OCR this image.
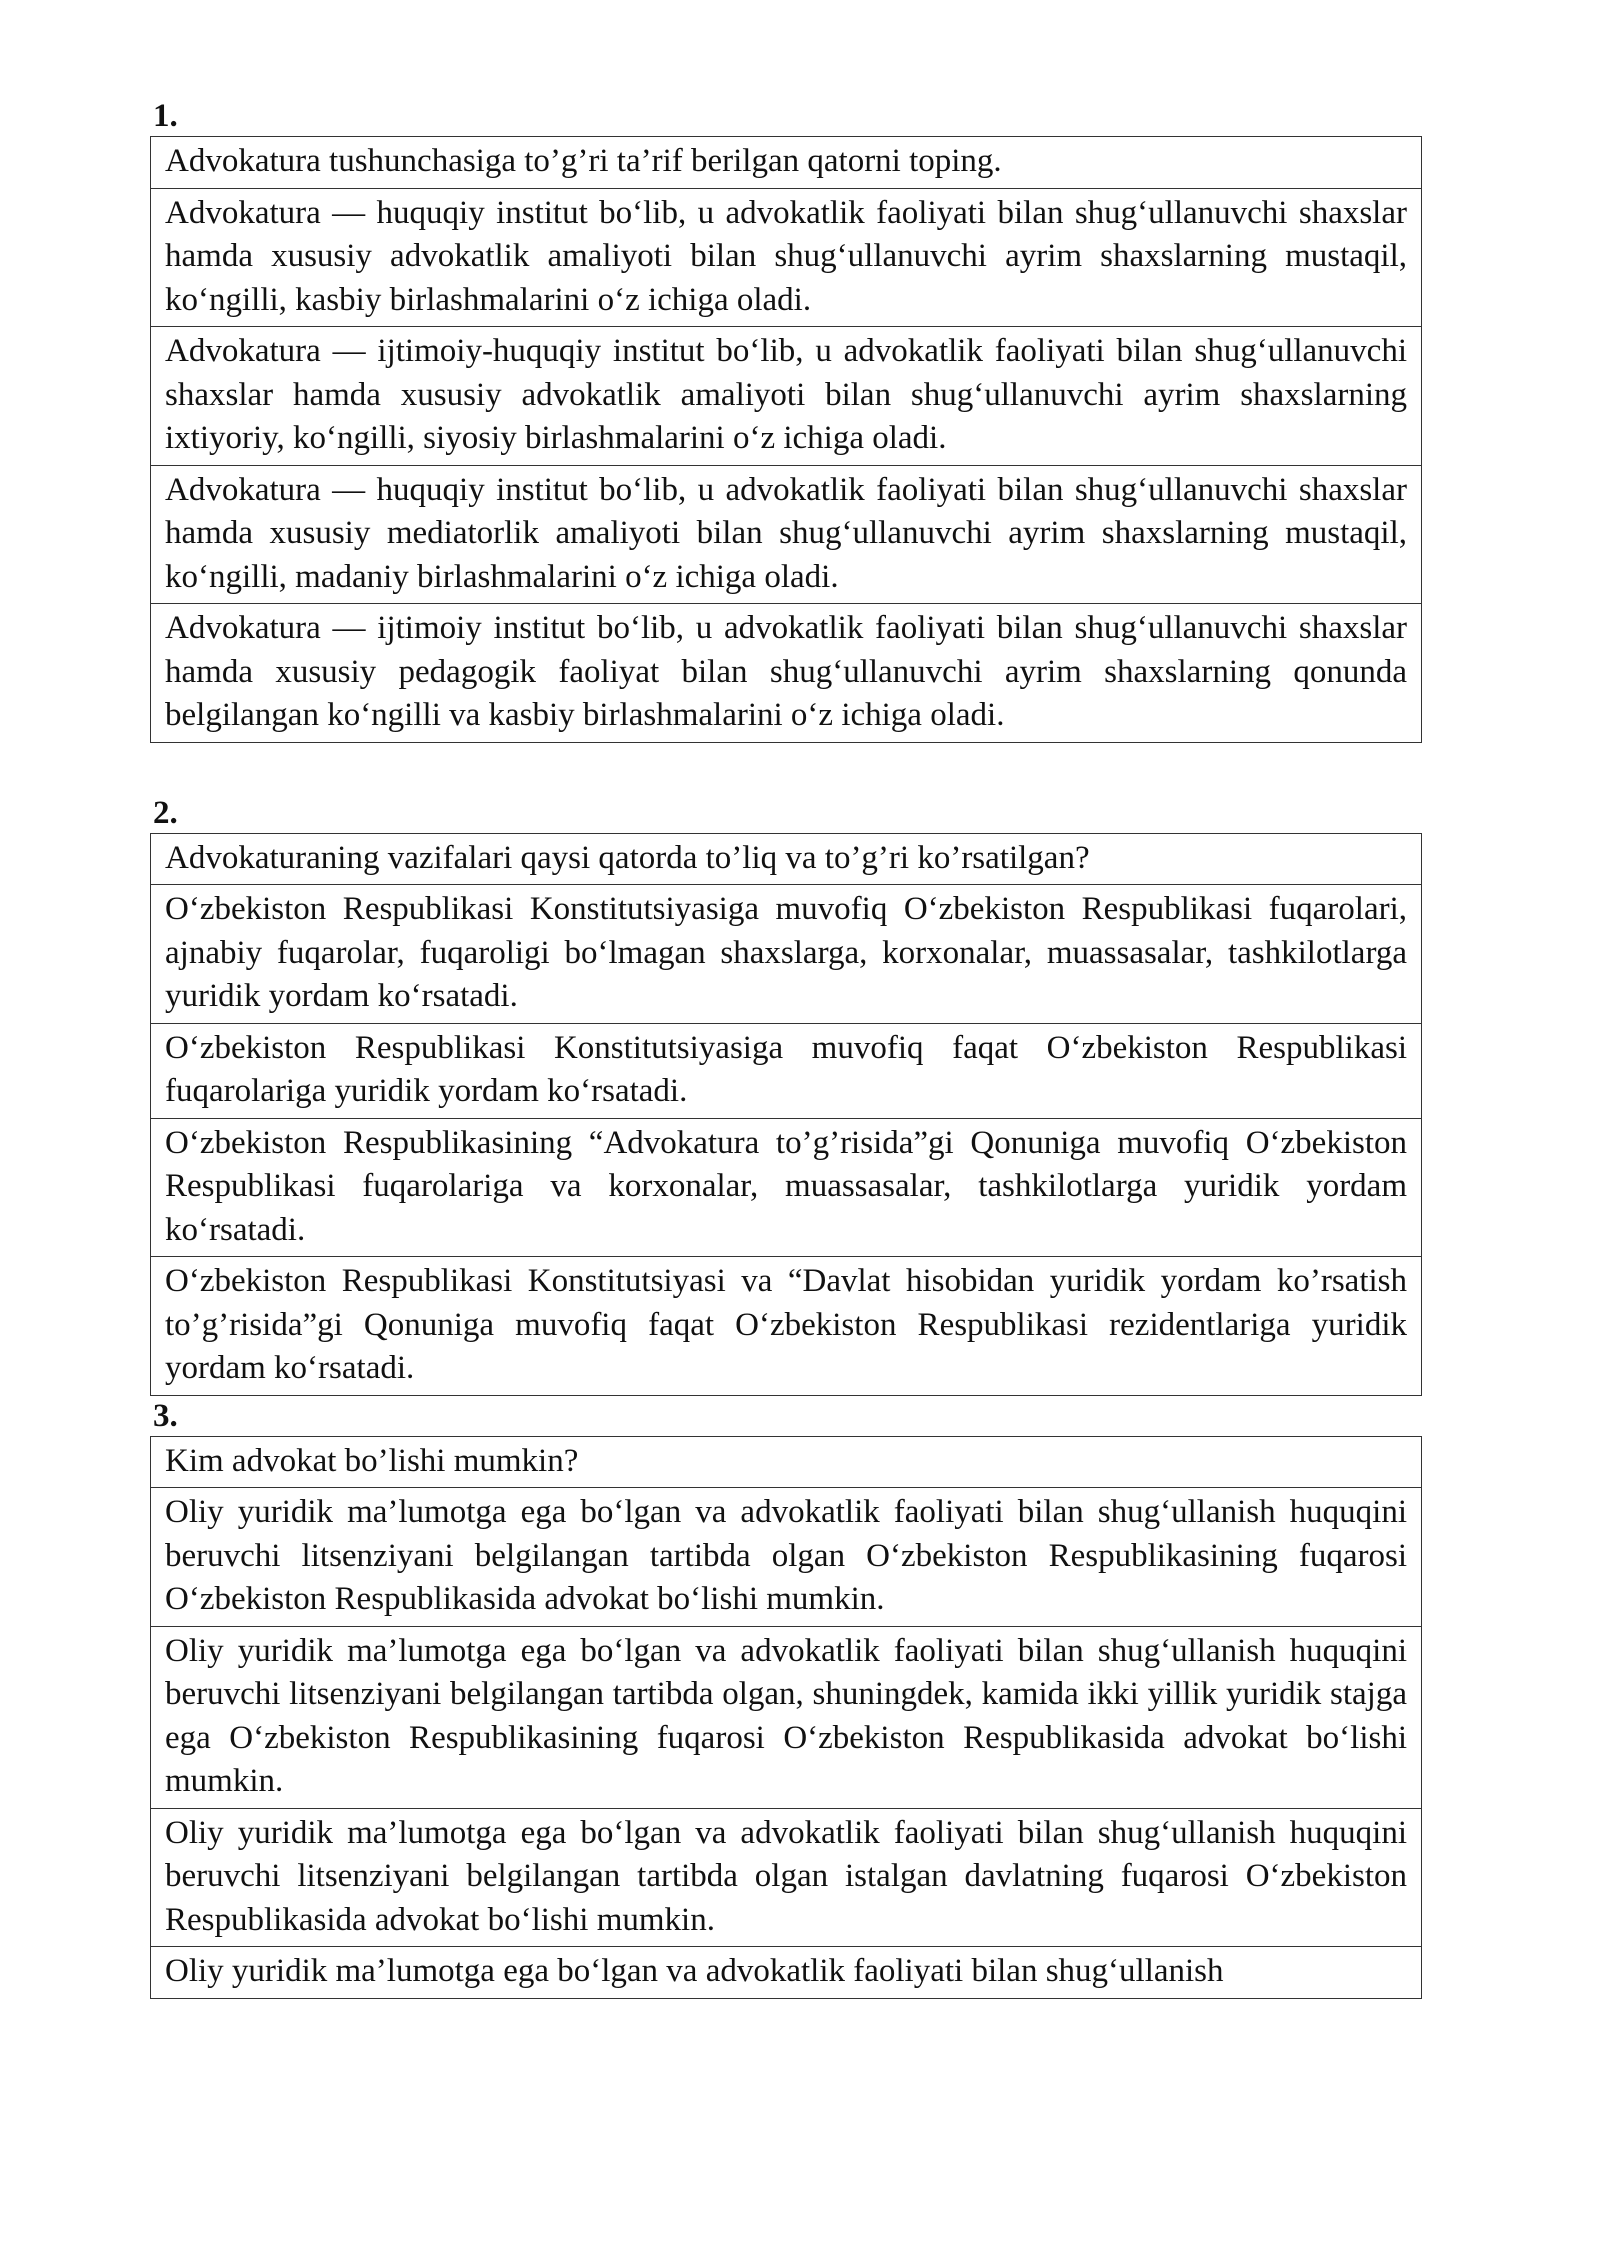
1.
Advokatura tushunchasiga to’g’ri ta’rif berilgan qatorni toping.
Advokatura — huquqiy institut bo‘lib, u advokatlik faoliyati bilan shug‘ullanuvchi shaxslar hamda xususiy advokatlik amaliyoti bilan shug‘ullanuvchi ayrim shaxslarning mustaqil, ko‘ngilli, kasbiy birlashmalarini o‘z ichiga oladi.
Advokatura — ijtimoiy-huquqiy institut bo‘lib, u advokatlik faoliyati bilan shug‘ullanuvchi shaxslar hamda xususiy advokatlik amaliyoti bilan shug‘ullanuvchi ayrim shaxslarning ixtiyoriy, ko‘ngilli, siyosiy birlashmalarini o‘z ichiga oladi.
Advokatura — huquqiy institut bo‘lib, u advokatlik faoliyati bilan shug‘ullanuvchi shaxslar hamda xususiy mediatorlik amaliyoti bilan shug‘ullanuvchi ayrim shaxslarning mustaqil, ko‘ngilli, madaniy birlashmalarini o‘z ichiga oladi.
Advokatura — ijtimoiy institut bo‘lib, u advokatlik faoliyati bilan shug‘ullanuvchi shaxslar hamda xususiy pedagogik faoliyat bilan shug‘ullanuvchi ayrim shaxslarning qonunda belgilangan ko‘ngilli va kasbiy birlashmalarini o‘z ichiga oladi.
2.
Advokaturaning vazifalari qaysi qatorda to’liq va to’g’ri ko’rsatilgan?
O‘zbekiston Respublikasi Konstitutsiyasiga muvofiq O‘zbekiston Respublikasi fuqarolari, ajnabiy fuqarolar, fuqaroligi bo‘lmagan shaxslarga, korxonalar, muassasalar, tashkilotlarga yuridik yordam ko‘rsatadi.
O‘zbekiston Respublikasi Konstitutsiyasiga muvofiq faqat O‘zbekiston Respublikasi fuqarolariga yuridik yordam ko‘rsatadi.
O‘zbekiston Respublikasining “Advokatura to’g’risida”gi Qonuniga muvofiq O‘zbekiston Respublikasi fuqarolariga va korxonalar, muassasalar, tashkilotlarga yuridik yordam ko‘rsatadi.
O‘zbekiston Respublikasi Konstitutsiyasi va “Davlat hisobidan yuridik yordam ko’rsatish to’g’risida”gi Qonuniga muvofiq faqat O‘zbekiston Respublikasi rezidentlariga yuridik yordam ko‘rsatadi.
3.
Kim advokat bo’lishi mumkin?
Oliy yuridik ma’lumotga ega bo‘lgan va advokatlik faoliyati bilan shug‘ullanish huquqini beruvchi litsenziyani belgilangan tartibda olgan O‘zbekiston Respublikasining fuqarosi O‘zbekiston Respublikasida advokat bo‘lishi mumkin.
Oliy yuridik ma’lumotga ega bo‘lgan va advokatlik faoliyati bilan shug‘ullanish huquqini beruvchi litsenziyani belgilangan tartibda olgan, shuningdek, kamida ikki yillik yuridik stajga ega O‘zbekiston Respublikasining fuqarosi O‘zbekiston Respublikasida advokat bo‘lishi mumkin.
Oliy yuridik ma’lumotga ega bo‘lgan va advokatlik faoliyati bilan shug‘ullanish huquqini beruvchi litsenziyani belgilangan tartibda olgan istalgan davlatning fuqarosi O‘zbekiston Respublikasida advokat bo‘lishi mumkin.
Oliy yuridik ma’lumotga ega bo‘lgan va advokatlik faoliyati bilan shug‘ullanish
